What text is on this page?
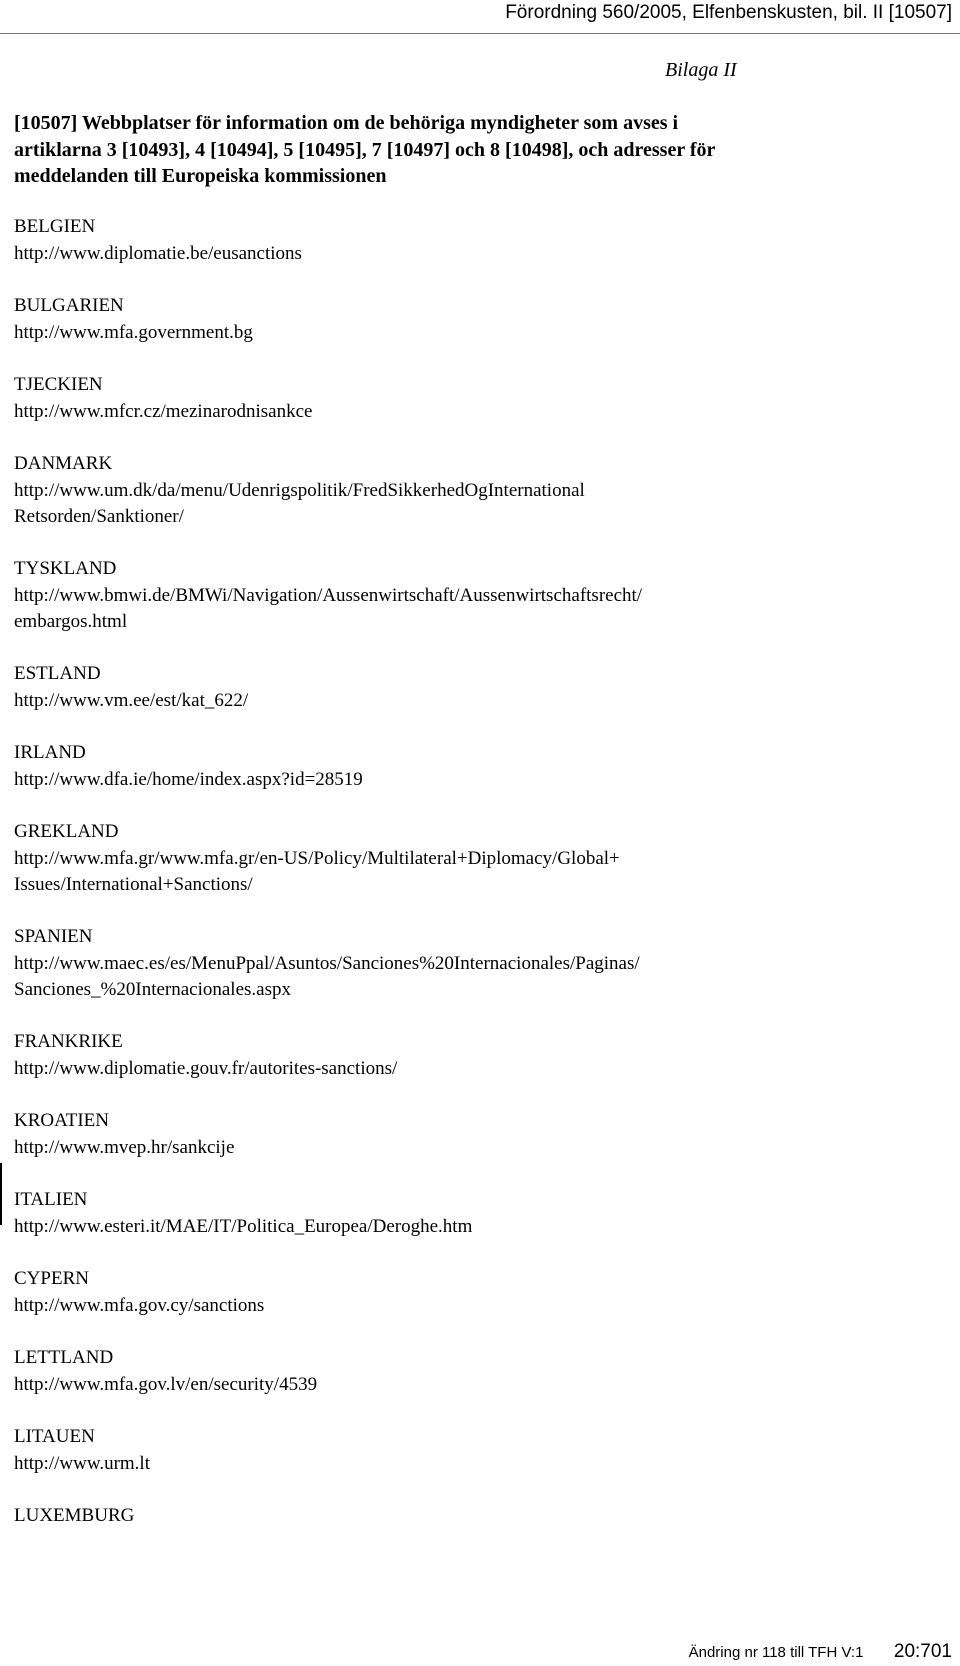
Förordning 560/2005, Elfenbenskusten, bil. II [10507]
Bilaga II

[10507] Webbplatser för information om de behöriga myndigheter som avses i artiklarna 3 [10493], 4 [10494], 5 [10495], 7 [10497] och 8 [10498], och adresser för meddelanden till Europeiska kommissionen

BELGIEN
http://www.diplomatie.be/eusanctions
BULGARIEN
http://www.mfa.government.bg
TJECKIEN
http://www.mfcr.cz/mezinarodnisankce
DANMARK
http://www.um.dk/da/menu/Udenrigspolitik/FredSikkerhedOgInternational
Retsorden/Sanktioner/
TYSKLAND
http://www.bmwi.de/BMWi/Navigation/Aussenwirtschaft/Aussenwirtschaftsrecht/
embargos.html
ESTLAND
http://www.vm.ee/est/kat_622/
IRLAND
http://www.dfa.ie/home/index.aspx?id=28519
GREKLAND
http://www.mfa.gr/www.mfa.gr/en-US/Policy/Multilateral+Diplomacy/Global+
Issues/International+Sanctions/
SPANIEN
http://www.maec.es/es/MenuPpal/Asuntos/Sanciones%20Internacionales/Paginas/
Sanciones_%20Internacionales.aspx
FRANKRIKE
http://www.diplomatie.gouv.fr/autorites-sanctions/
KROATIEN
http://www.mvep.hr/sankcije
ITALIEN
http://www.esteri.it/MAE/IT/Politica_Europea/Deroghe.htm
CYPERN
http://www.mfa.gov.cy/sanctions
LETTLAND
http://www.mfa.gov.lv/en/security/4539
LITAUEN
http://www.urm.lt
LUXEMBURG
Ändring nr 118 till TFH V:1 20:701
